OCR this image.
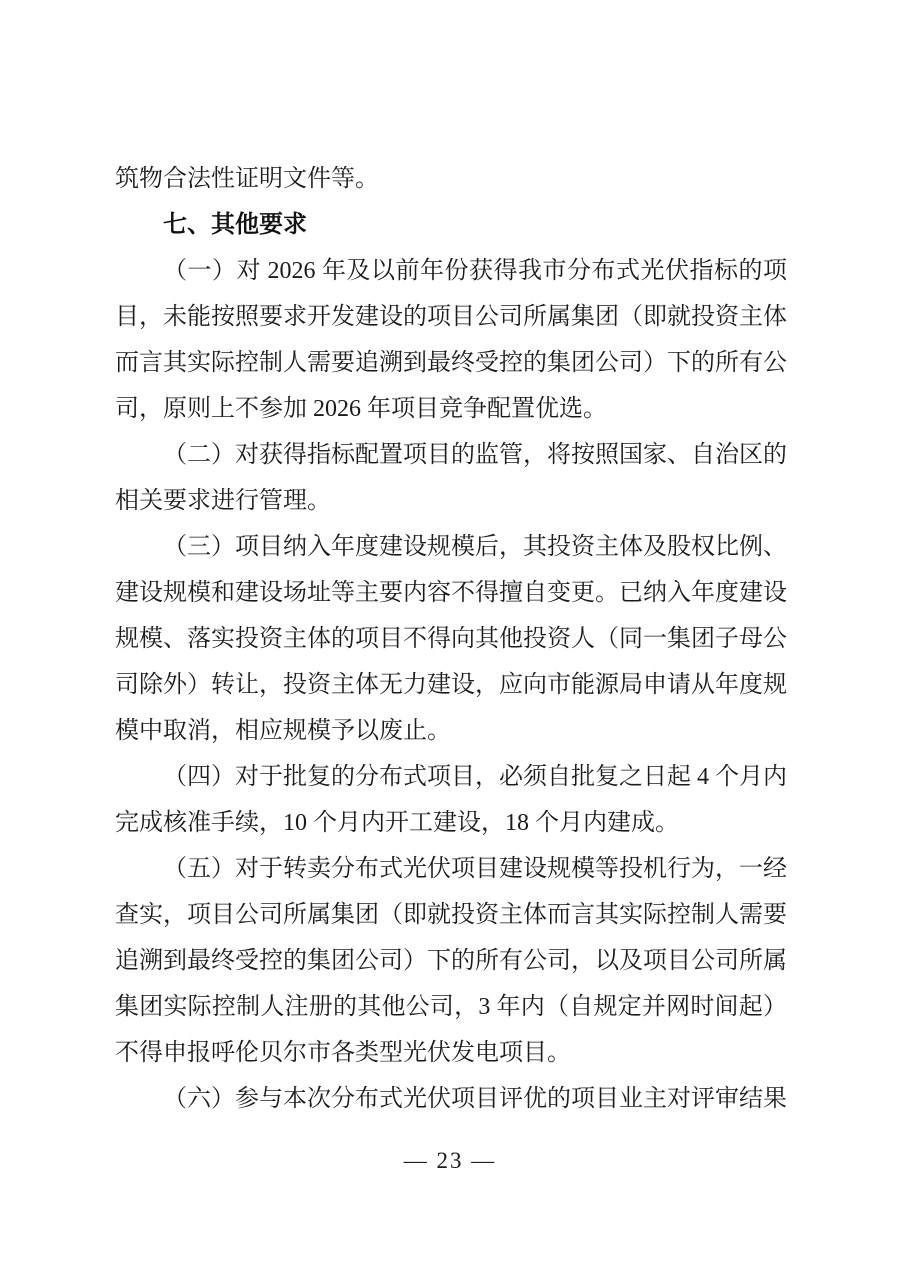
筑物合法性证明文件等。

七、其他要求

（一）对 2026 年及以前年份获得我市分布式光伏指标的项目，未能按照要求开发建设的项目公司所属集团（即就投资主体而言其实际控制人需要追溯到最终受控的集团公司）下的所有公司，原则上不参加 2026 年项目竞争配置优选。

（二）对获得指标配置项目的监管，将按照国家、自治区的相关要求进行管理。

（三）项目纳入年度建设规模后，其投资主体及股权比例、建设规模和建设场址等主要内容不得擅自变更。已纳入年度建设规模、落实投资主体的项目不得向其他投资人（同一集团子母公司除外）转让，投资主体无力建设，应向市能源局申请从年度规模中取消，相应规模予以废止。

（四）对于批复的分布式项目，必须自批复之日起 4 个月内完成核准手续，10 个月内开工建设，18 个月内建成。

（五）对于转卖分布式光伏项目建设规模等投机行为，一经查实，项目公司所属集团（即就投资主体而言其实际控制人需要追溯到最终受控的集团公司）下的所有公司，以及项目公司所属集团实际控制人注册的其他公司，3 年内（自规定并网时间起）不得申报呼伦贝尔市各类型光伏发电项目。

（六）参与本次分布式光伏项目评优的项目业主对评审结果

— 23 —
